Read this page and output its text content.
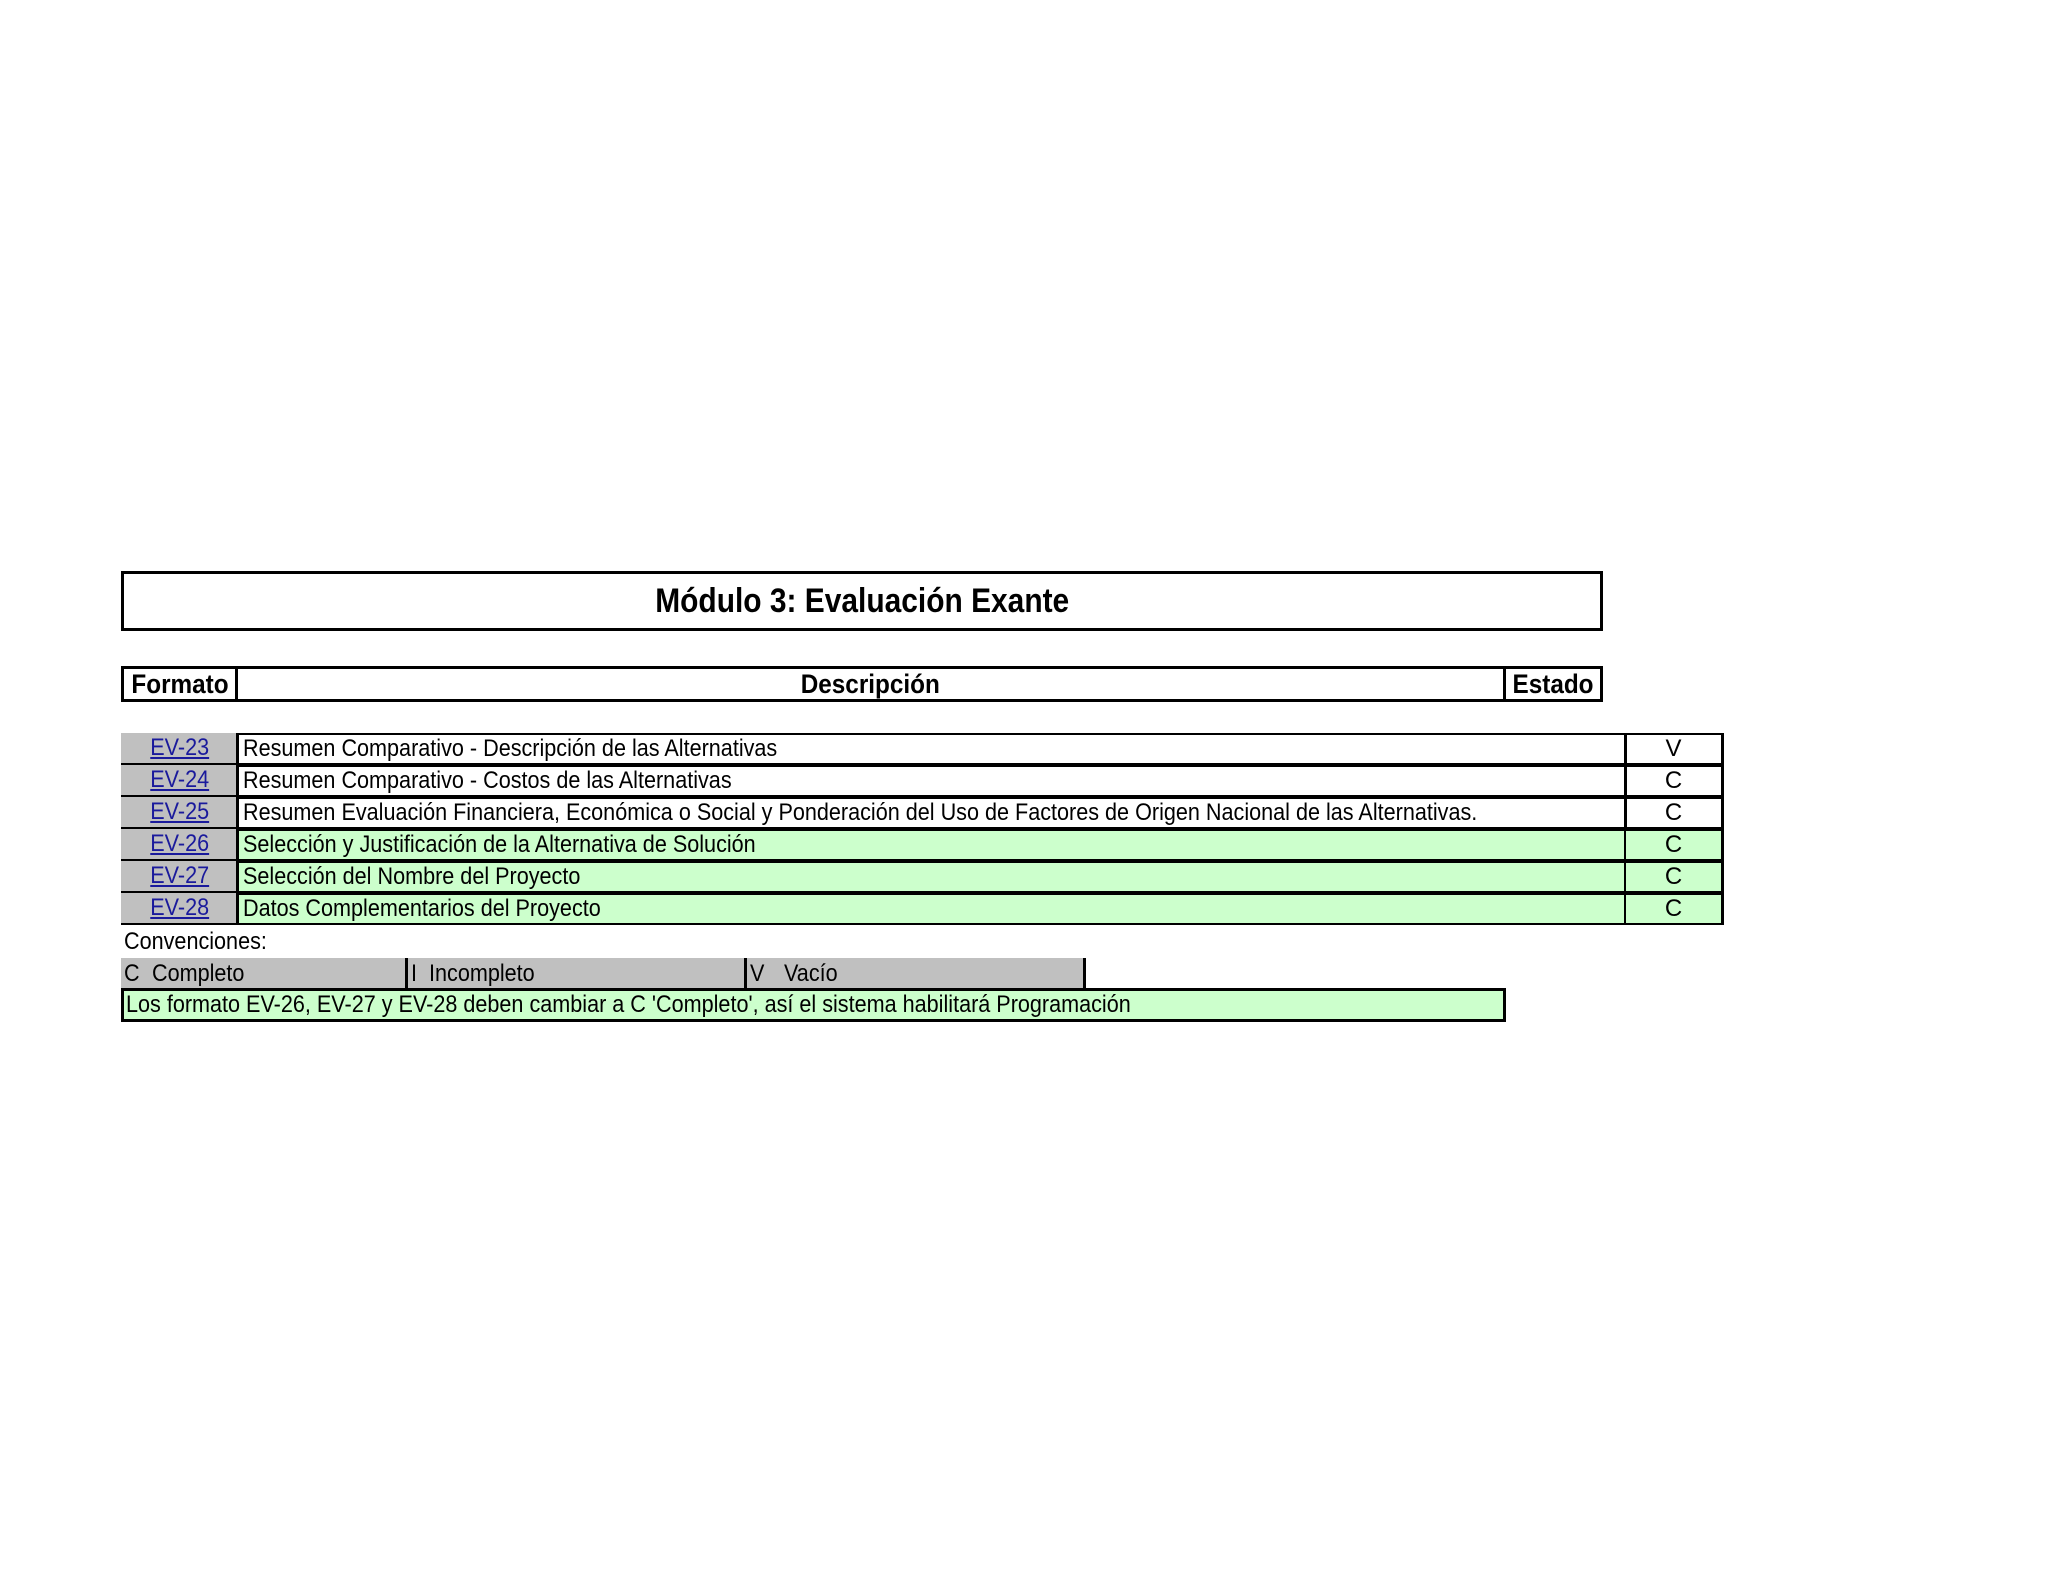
Módulo 3: Evaluación Exante
Formato	Descripción	Estado
EV-23 Resumen Comparativo - Descripción de las Alternativas	V
EV-24 Resumen Comparativo - Costos de las Alternativas	C
EV-25 Resumen Evaluación Financiera, Económica o Social y Ponderación del Uso de Factores de Origen Nacional de las Alternativas.	C
EV-26 Selección y Justificación de la Alternativa de Solución	C
EV-27 Selección del Nombre del Proyecto	C
EV-28 Datos Complementarios del Proyecto	C
Convenciones:
C Completo	I Incompleto	V Vacío
Los formato EV-26, EV-27 y EV-28 deben cambiar a C 'Completo', así el sistema habilitará Programación
